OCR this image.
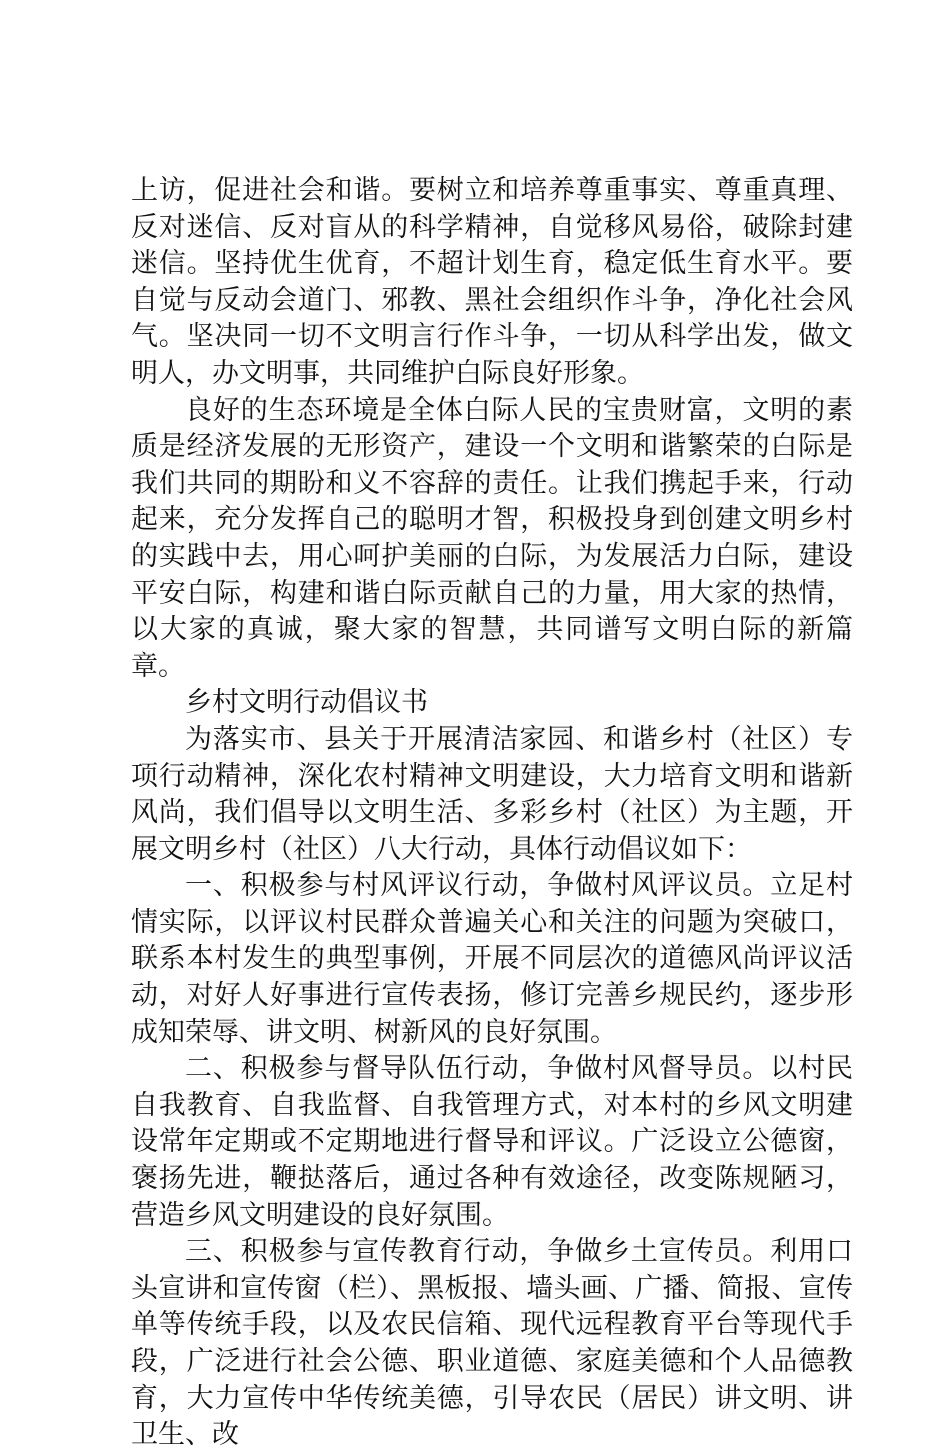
上访，促进社会和谐。要树立和培养尊重事实、尊重真理、反对迷信、反对盲从的科学精神，自觉移风易俗，破除封建迷信。坚持优生优育，不超计划生育，稳定低生育水平。要自觉与反动会道门、邪教、黑社会组织作斗争，净化社会风气。坚决同一切不文明言行作斗争，一切从科学出发，做文明人，办文明事，共同维护白际良好形象。

良好的生态环境是全体白际人民的宝贵财富，文明的素质是经济发展的无形资产，建设一个文明和谐繁荣的白际是我们共同的期盼和义不容辞的责任。让我们携起手来，行动起来，充分发挥自己的聪明才智，积极投身到创建文明乡村的实践中去，用心呵护美丽的白际，为发展活力白际，建设平安白际，构建和谐白际贡献自己的力量，用大家的热情，以大家的真诚，聚大家的智慧，共同谱写文明白际的新篇章。

乡村文明行动倡议书

为落实市、县关于开展清洁家园、和谐乡村（社区）专项行动精神，深化农村精神文明建设，大力培育文明和谐新风尚，我们倡导以文明生活、多彩乡村（社区）为主题，开展文明乡村（社区）八大行动，具体行动倡议如下：

一、积极参与村风评议行动，争做村风评议员。立足村情实际，以评议村民群众普遍关心和关注的问题为突破口，联系本村发生的典型事例，开展不同层次的道德风尚评议活动，对好人好事进行宣传表扬，修订完善乡规民约，逐步形成知荣辱、讲文明、树新风的良好氛围。

二、积极参与督导队伍行动，争做村风督导员。以村民自我教育、自我监督、自我管理方式，对本村的乡风文明建设常年定期或不定期地进行督导和评议。广泛设立公德窗，褒扬先进，鞭挞落后，通过各种有效途径，改变陈规陋习，营造乡风文明建设的良好氛围。

三、积极参与宣传教育行动，争做乡土宣传员。利用口头宣讲和宣传窗（栏）、黑板报、墙头画、广播、简报、宣传单等传统手段，以及农民信箱、现代远程教育平台等现代手段，广泛进行社会公德、职业道德、家庭美德和个人品德教育，大力宣传中华传统美德，引导农民（居民）讲文明、讲卫生、改
